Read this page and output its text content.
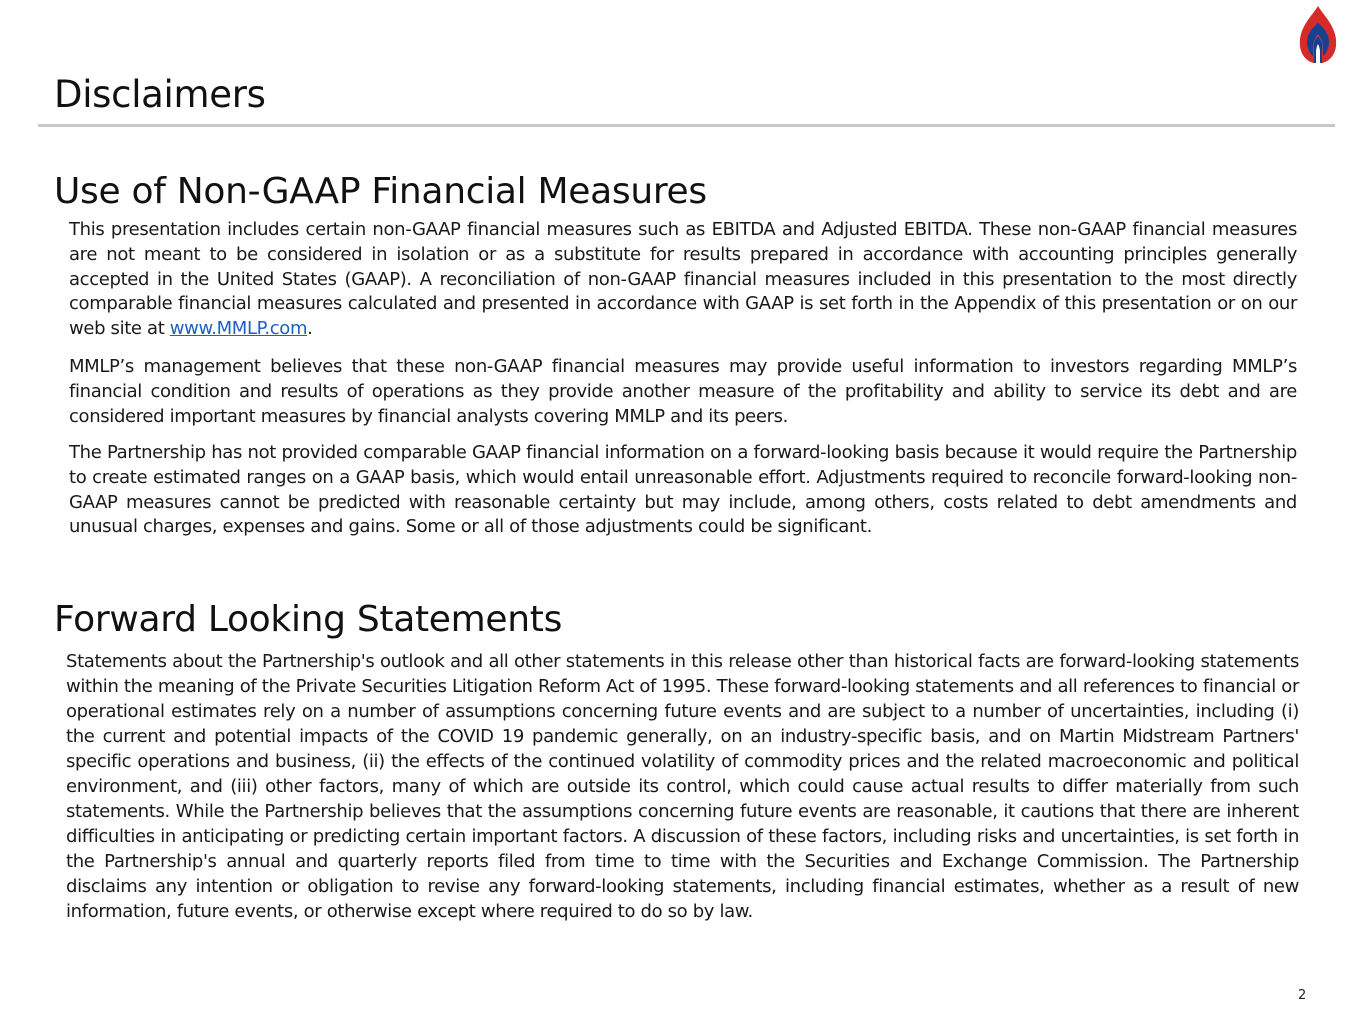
Disclaimers
Use of Non-GAAP Financial Measures

This presentation includes certain non-GAAP financial measures such as EBITDA and Adjusted EBITDA. These non-GAAP financial measures are not meant to be considered in isolation or as a substitute for results prepared in accordance with accounting principles generally accepted in the United States (GAAP). A reconciliation of non-GAAP financial measures included in this presentation to the most directly comparable financial measures calculated and presented in accordance with GAAP is set forth in the Appendix of this presentation or on our web site at www.MMLP.com.

MMLP’s management believes that these non-GAAP financial measures may provide useful information to investors regarding MMLP’s financial condition and results of operations as they provide another measure of the profitability and ability to service its debt and are considered important measures by financial analysts covering MMLP and its peers.

The Partnership has not provided comparable GAAP financial information on a forward-looking basis because it would require the Partnership to create estimated ranges on a GAAP basis, which would entail unreasonable effort. Adjustments required to reconcile forward-looking non-GAAP measures cannot be predicted with reasonable certainty but may include, among others, costs related to debt amendments and unusual charges, expenses and gains. Some or all of those adjustments could be significant.

Forward Looking Statements

Statements about the Partnership's outlook and all other statements in this release other than historical facts are forward-looking statements within the meaning of the Private Securities Litigation Reform Act of 1995. These forward-looking statements and all references to financial or operational estimates rely on a number of assumptions concerning future events and are subject to a number of uncertainties, including (i) the current and potential impacts of the COVID 19 pandemic generally, on an industry-specific basis, and on Martin Midstream Partners' specific operations and business, (ii) the effects of the continued volatility of commodity prices and the related macroeconomic and political environment, and (iii) other factors, many of which are outside its control, which could cause actual results to differ materially from such statements. While the Partnership believes that the assumptions concerning future events are reasonable, it cautions that there are inherent difficulties in anticipating or predicting certain important factors. A discussion of these factors, including risks and uncertainties, is set forth in the Partnership's annual and quarterly reports filed from time to time with the Securities and Exchange Commission. The Partnership disclaims any intention or obligation to revise any forward-looking statements, including financial estimates, whether as a result of new information, future events, or otherwise except where required to do so by law.

2
